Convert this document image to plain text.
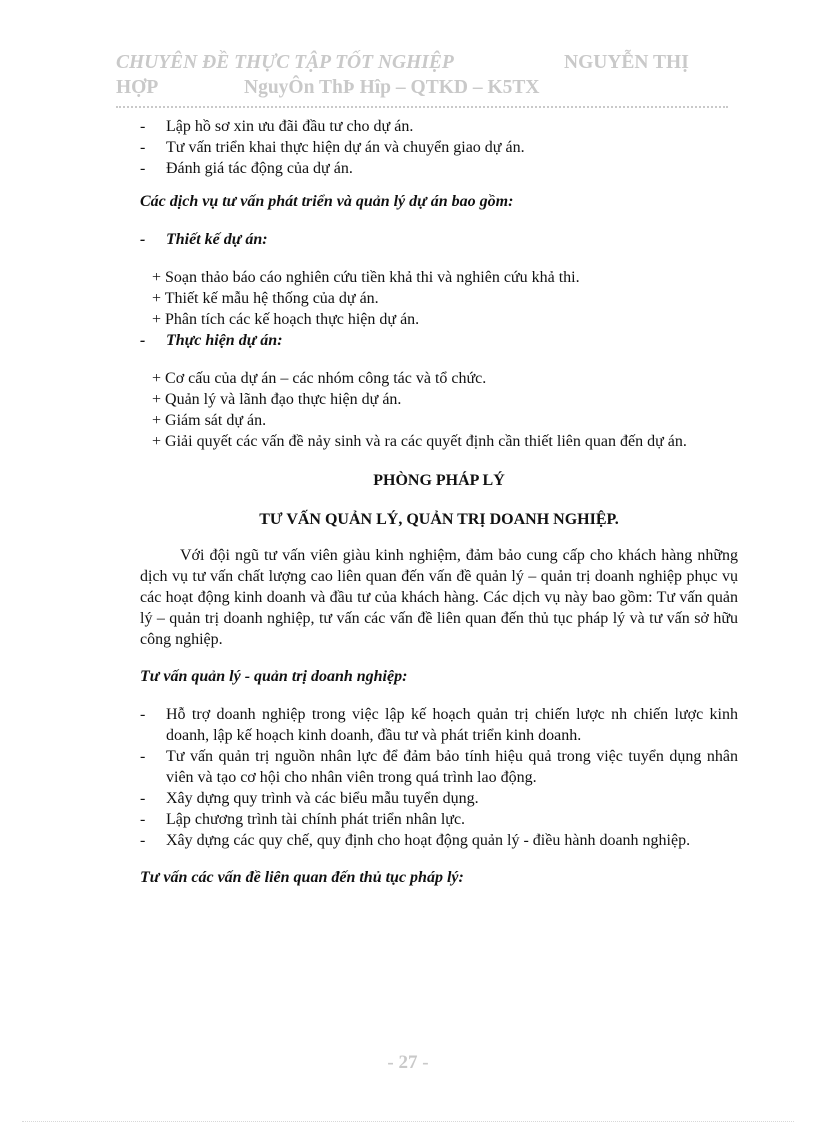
CHUYÊN ĐỀ THỰC TẬP TỐT NGHIỆP	NGUYỄN THỊ
HỢP	NguyÔn ThÞ Hîp – QTKD – K5TX
- Lập hồ sơ xin ưu đãi đầu tư cho dự án.
- Tư vấn triển khai thực hiện dự án và chuyển giao dự án.
- Đánh giá tác động của dự án.
Các dịch vụ tư vấn phát triển và quản lý dự án bao gồm:
- Thiết kế dự án:
+ Soạn thảo báo cáo nghiên cứu tiền khả thi và nghiên cứu khả thi.
+ Thiết kế mẫu hệ thống của dự án.
+ Phân tích các kế hoạch thực hiện dự án.
- Thực hiện dự án:
+ Cơ cấu của dự án – các nhóm công tác và tổ chức.
+ Quản lý và lãnh đạo thực hiện dự án.
+ Giám sát dự án.
+ Giải quyết các vấn đề nảy sinh và ra các quyết định cần thiết liên quan đến dự án.
PHÒNG PHÁP LÝ
TƯ VẤN QUẢN LÝ, QUẢN TRỊ DOANH NGHIỆP.
Với đội ngũ tư vấn viên giàu kinh nghiệm, đảm bảo cung cấp cho khách hàng những dịch vụ tư vấn chất lượng cao liên quan đến vấn đề quản lý – quản trị doanh nghiệp phục vụ các hoạt động kinh doanh và đầu tư của khách hàng. Các dịch vụ này bao gồm: Tư vấn quản lý – quản trị doanh nghiệp, tư vấn các vấn đề liên quan đến thủ tục pháp lý và tư vấn sở hữu công nghiệp.
Tư vấn quản lý - quản trị doanh nghiệp:
- Hỗ trợ doanh nghiệp trong việc lập kế hoạch quản trị chiến lược nh chiến lược kinh doanh, lập kế hoạch kinh doanh, đầu tư và phát triển kinh doanh.
- Tư vấn quản trị nguồn nhân lực để đảm bảo tính hiệu quả trong việc tuyển dụng nhân viên và tạo cơ hội cho nhân viên trong quá trình lao động.
- Xây dựng quy trình và các biểu mẫu tuyển dụng.
- Lập chương trình tài chính phát triển nhân lực.
- Xây dựng các quy chế, quy định cho hoạt động quản lý - điều hành doanh nghiệp.
Tư vấn các vấn đề liên quan đến thủ tục pháp lý:
- 27 -
